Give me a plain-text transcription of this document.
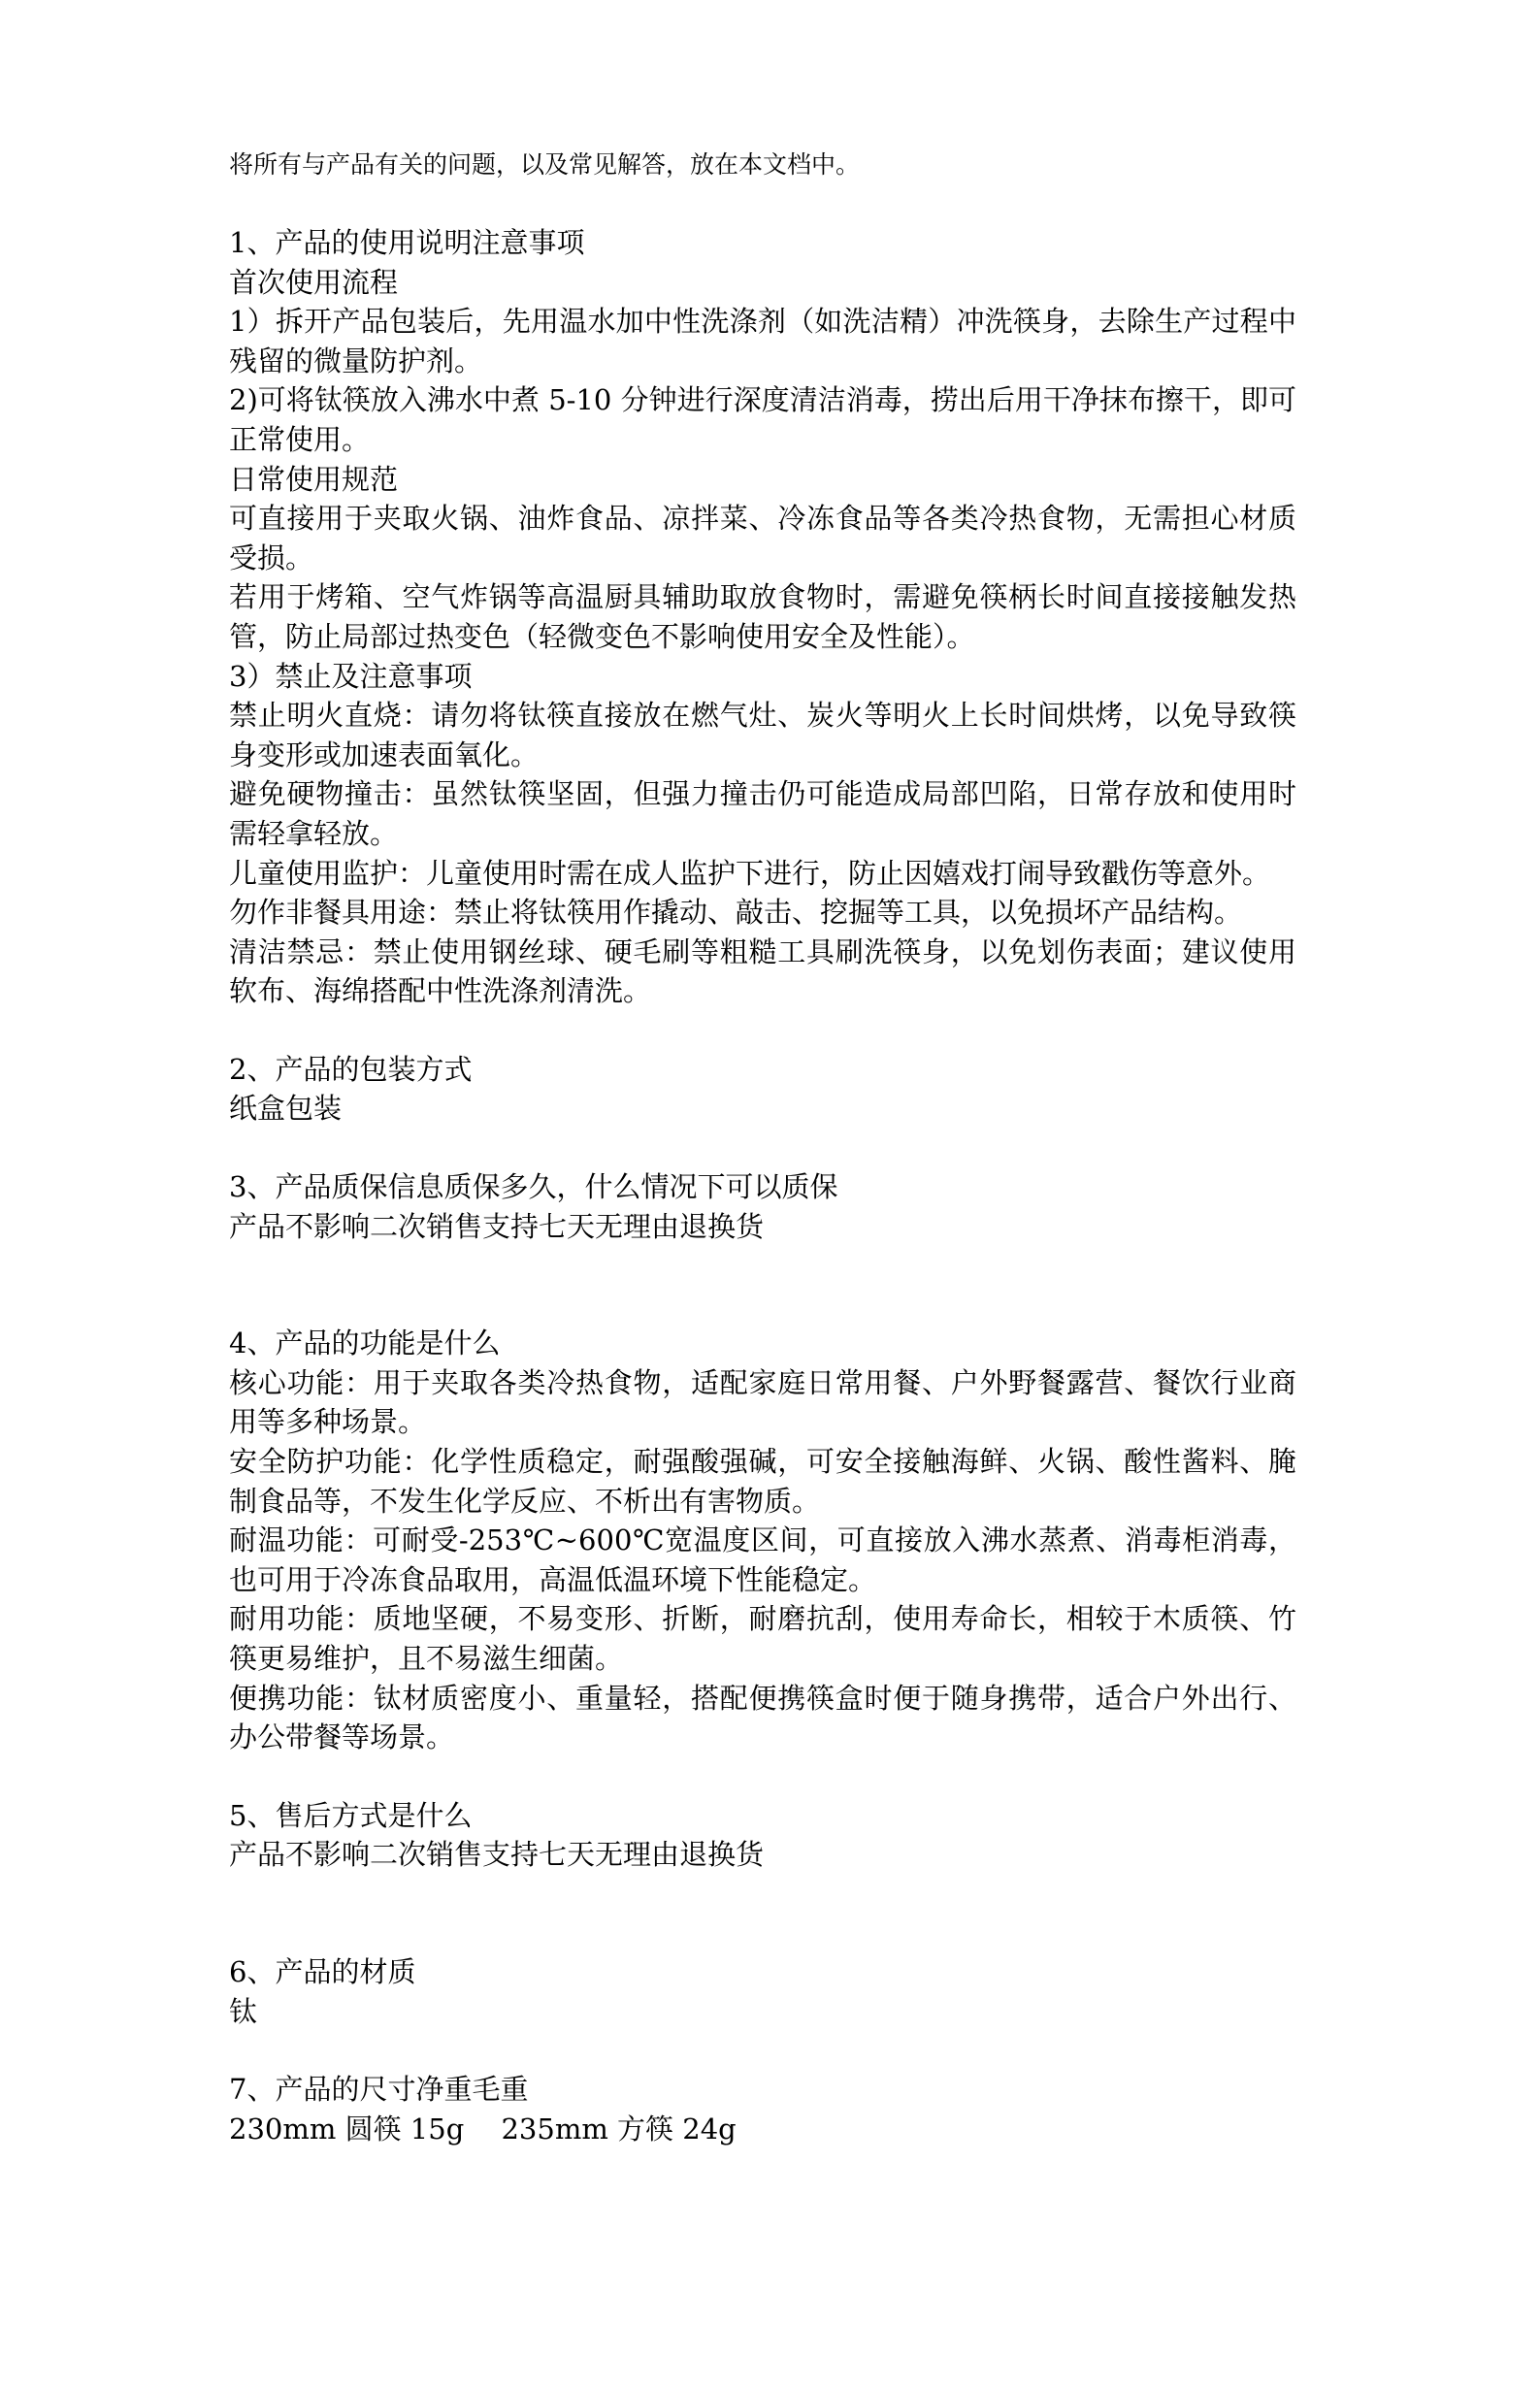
将所有与产品有关的问题，以及常见解答，放在本文档中。
1、产品的使用说明注意事项
首次使用流程

1）拆开产品包装后，先用温水加中性洗涤剂（如洗洁精）冲洗筷身，去除生产过程中残留的微量防护剂。

2)可将钛筷放入沸水中煮 5-10 分钟进行深度清洁消毒，捞出后用干净抹布擦干，即可正常使用。

日常使用规范

可直接用于夹取火锅、油炸食品、凉拌菜、冷冻食品等各类冷热食物，无需担心材质受损。

若用于烤箱、空气炸锅等高温厨具辅助取放食物时，需避免筷柄长时间直接接触发热管，防止局部过热变色（轻微变色不影响使用安全及性能）。

3）禁止及注意事项

禁止明火直烧：请勿将钛筷直接放在燃气灶、炭火等明火上长时间烘烤，以免导致筷身变形或加速表面氧化。

避免硬物撞击：虽然钛筷坚固，但强力撞击仍可能造成局部凹陷，日常存放和使用时需轻拿轻放。

儿童使用监护：儿童使用时需在成人监护下进行，防止因嬉戏打闹导致戳伤等意外。

勿作非餐具用途：禁止将钛筷用作撬动、敲击、挖掘等工具，以免损坏产品结构。

清洁禁忌：禁止使用钢丝球、硬毛刷等粗糙工具刷洗筷身，以免划伤表面；建议使用软布、海绵搭配中性洗涤剂清洗。

2、产品的包装方式
纸盒包装
3、产品质保信息质保多久，什么情况下可以质保
产品不影响二次销售支持七天无理由退换货
4、产品的功能是什么

核心功能：用于夹取各类冷热食物，适配家庭日常用餐、户外野餐露营、餐饮行业商用等多种场景。

安全防护功能：化学性质稳定，耐强酸强碱，可安全接触海鲜、火锅、酸性酱料、腌制食品等，不发生化学反应、不析出有害物质。

耐温功能：可耐受-253℃~600℃宽温度区间，可直接放入沸水蒸煮、消毒柜消毒，也可用于冷冻食品取用，高温低温环境下性能稳定。

耐用功能：质地坚硬，不易变形、折断，耐磨抗刮，使用寿命长，相较于木质筷、竹筷更易维护，且不易滋生细菌。

便携功能：钛材质密度小、重量轻，搭配便携筷盒时便于随身携带，适合户外出行、办公带餐等场景。

5、售后方式是什么
产品不影响二次销售支持七天无理由退换货
6、产品的材质
钛
7、产品的尺寸净重毛重
230mm 圆筷 15g　 235mm 方筷 24g
